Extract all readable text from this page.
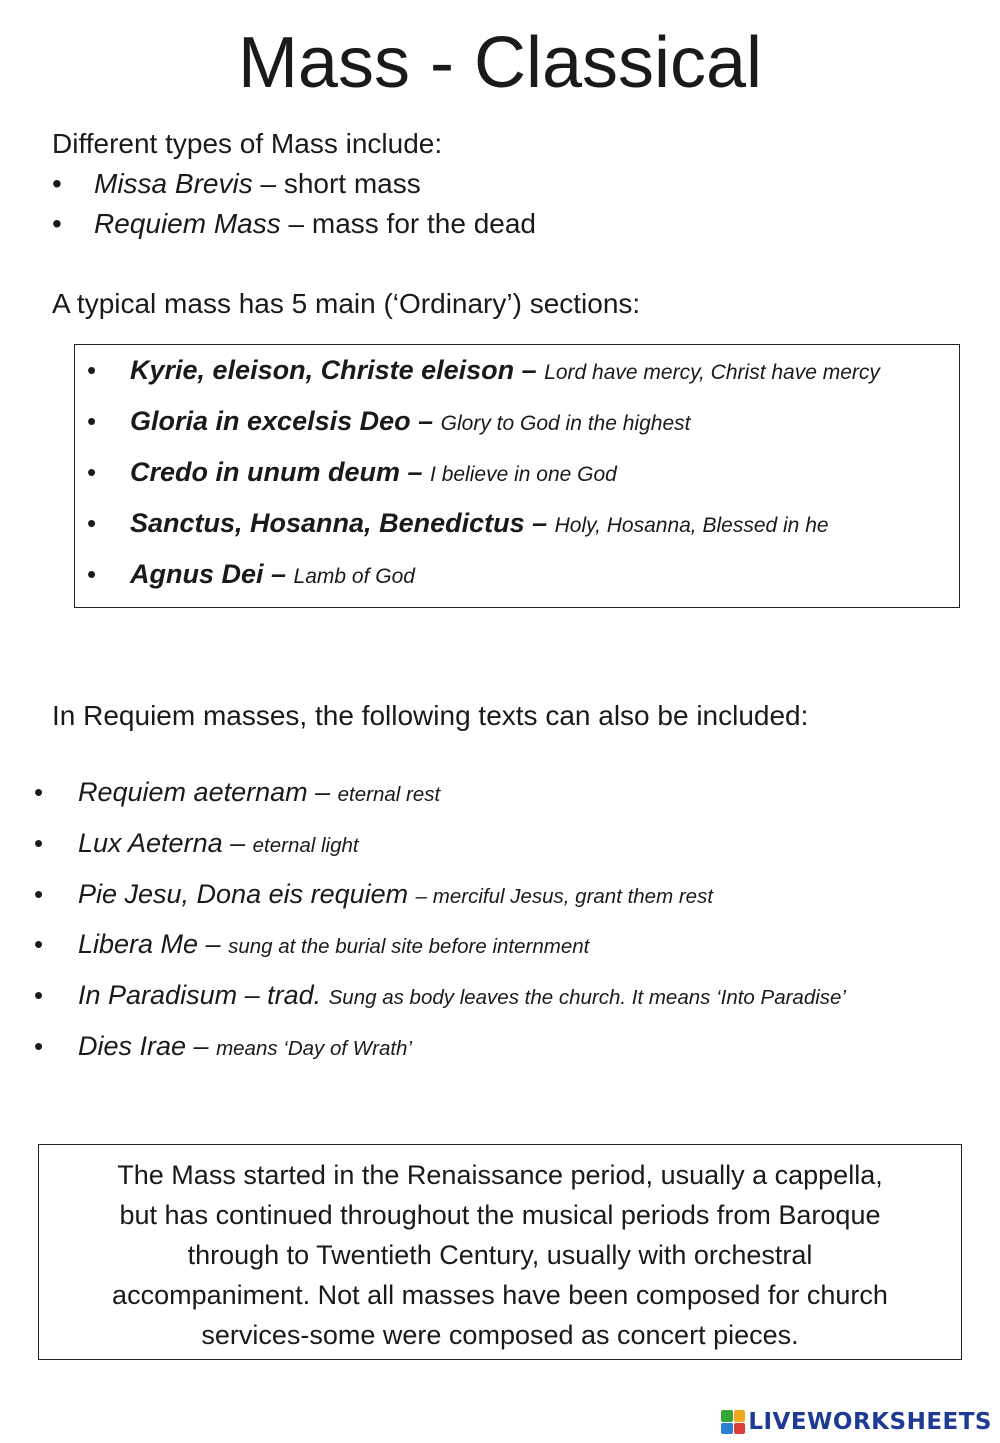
Mass - Classical
Different types of Mass include:
• Missa Brevis – short mass
• Requiem Mass – mass for the dead
A typical mass has 5 main (‘Ordinary’) sections:
• Kyrie, eleison, Christe eleison – Lord have mercy, Christ have mercy
• Gloria in excelsis Deo – Glory to God in the highest
• Credo in unum deum – I believe in one God
• Sanctus, Hosanna, Benedictus – Holy, Hosanna, Blessed in he
• Agnus Dei – Lamb of God
In Requiem masses, the following texts can also be included:
• Requiem aeternam – eternal rest
• Lux Aeterna – eternal light
• Pie Jesu, Dona eis requiem – merciful Jesus, grant them rest
• Libera Me – sung at the burial site before internment
• In Paradisum – trad. Sung as body leaves the church. It means ‘Into Paradise’
• Dies Irae – means ‘Day of Wrath’
The Mass started in the Renaissance period, usually a cappella,
but has continued throughout the musical periods from Baroque
through to Twentieth Century, usually with orchestral
accompaniment. Not all masses have been composed for church
services-some were composed as concert pieces.
LIVEWORKSHEETS
